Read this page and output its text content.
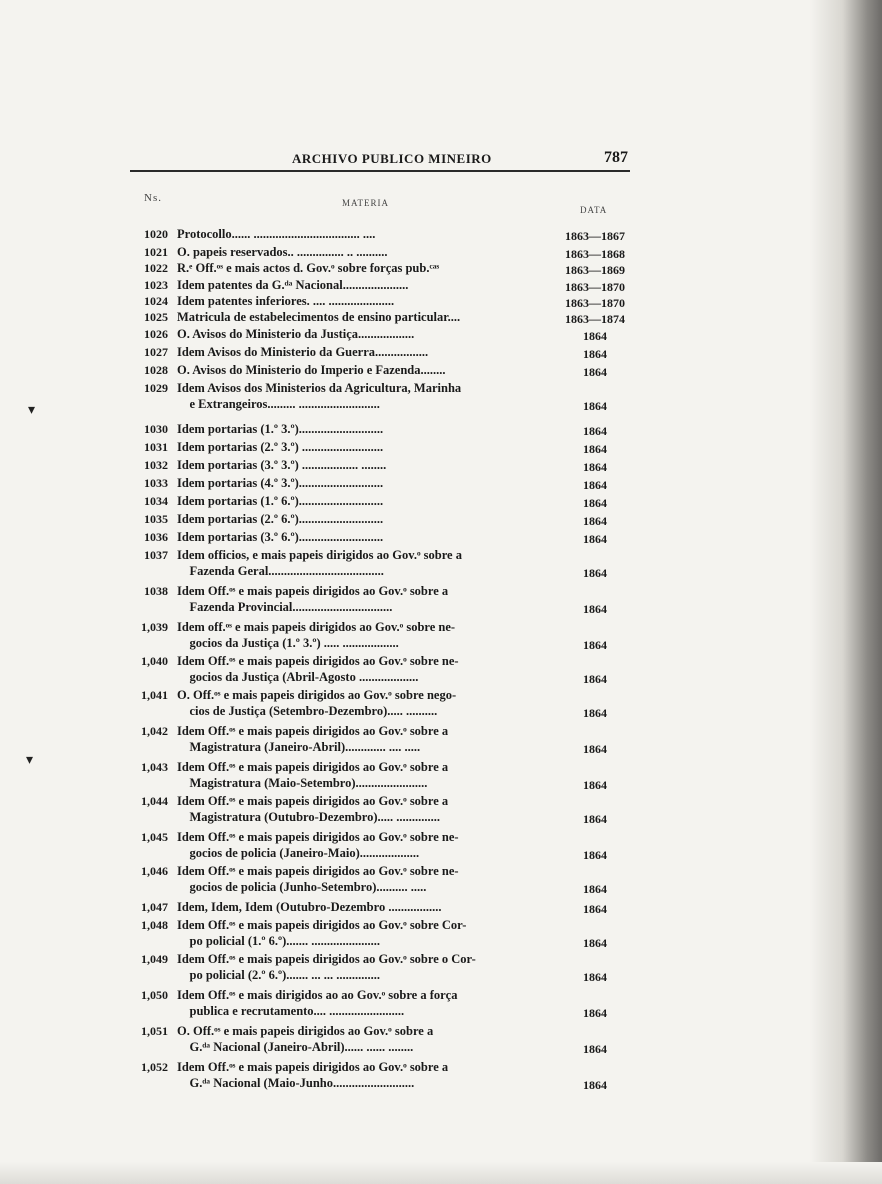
ARCHIVO PUBLICO MINEIRO	787
Ns.	MATERIA
DATA
▾
▾
1020 Protocollo...... .................................. ....	1863—1867
1021 O. papeis reservados.. ............... .. ..........	1863—1868
1022 R.ᵉ Off.ᵒˢ e mais actos d. Gov.ᵒ sobre forças pub.ᶜᵃˢ	1863—1869
1023 Idem patentes da G.ᵈᵃ Nacional.....................	1863—1870
1024 Idem patentes inferiores. .... .....................	1863—1870
1025 Matricula de estabelecimentos de ensino particular....	1863—1874
1026 O. Avisos do Ministerio da Justiça..................	1864
1027 Idem Avisos do Ministerio da Guerra.................	1864
1028 O. Avisos do Ministerio do Imperio e Fazenda........	1864
1029 Idem Avisos dos Ministerios da Agricultura, Marinha
e Extrangeiros......... ..........................	1864
1030 Idem portarias (1.º 3.º)...........................	1864
1031 Idem portarias (2.º 3.º) ..........................	1864
1032 Idem portarias (3.º 3.º) .................. ........	1864
1033 Idem portarias (4.º 3.º)...........................	1864
1034 Idem portarias (1.º 6.º)...........................	1864
1035 Idem portarias (2.º 6.º)...........................	1864
1036 Idem portarias (3.º 6.º)...........................	1864
1037 Idem officios, e mais papeis dirigidos ao Gov.ᵒ sobre a
Fazenda Geral.....................................	1864
1038 Idem Off.ᵒˢ e mais papeis dirigidos ao Gov.ᵒ sobre a
Fazenda Provincial................................	1864
1,039 Idem off.ᵒˢ e mais papeis dirigidos ao Gov.ᵒ sobre ne-
gocios da Justiça (1.º 3.º) ..... ..................	1864
1,040 Idem Off.ᵒˢ e mais papeis dirigidos ao Gov.ᵒ sobre ne-
gocios da Justiça (Abril-Agosto ...................	1864
1,041 O. Off.ᵒˢ e mais papeis dirigidos ao Gov.ᵒ sobre nego-
cios de Justiça (Setembro-Dezembro)..... ..........	1864
1,042 Idem Off.ᵒˢ e mais papeis dirigidos ao Gov.ᵒ sobre a
Magistratura (Janeiro-Abril)............. .... .....	1864
1,043 Idem Off.ᵒˢ e mais papeis dirigidos ao Gov.ᵒ sobre a
Magistratura (Maio-Setembro).......................	1864
1,044 Idem Off.ᵒˢ e mais papeis dirigidos ao Gov.ᵒ sobre a
Magistratura (Outubro-Dezembro)..... ..............	1864
1,045 Idem Off.ᵒˢ e mais papeis dirigidos ao Gov.ᵒ sobre ne-
gocios de policia (Janeiro-Maio)...................	1864
1,046 Idem Off.ᵒˢ e mais papeis dirigidos ao Gov.ᵒ sobre ne-
gocios de policia (Junho-Setembro).......... .....	1864
1,047 Idem, Idem, Idem (Outubro-Dezembro .................	1864
1,048 Idem Off.ᵒˢ e mais papeis dirigidos ao Gov.ᵒ sobre Cor-
po policial (1.º 6.º)....... ......................	1864
1,049 Idem Off.ᵒˢ e mais papeis dirigidos ao Gov.ᵒ sobre o Cor-
po policial (2.º 6.º)....... ... ... ..............	1864
1,050 Idem Off.ᵒˢ e mais dirigidos ao ao Gov.ᵒ sobre a força
publica e recrutamento.... ........................	1864
1,051 O. Off.ᵒˢ e mais papeis dirigidos ao Gov.ᵒ sobre a
G.ᵈᵃ Nacional (Janeiro-Abril)...... ...... ........	1864
1,052 Idem Off.ᵒˢ e mais papeis dirigidos ao Gov.ᵒ sobre a
G.ᵈᵃ Nacional (Maio-Junho..........................	1864
